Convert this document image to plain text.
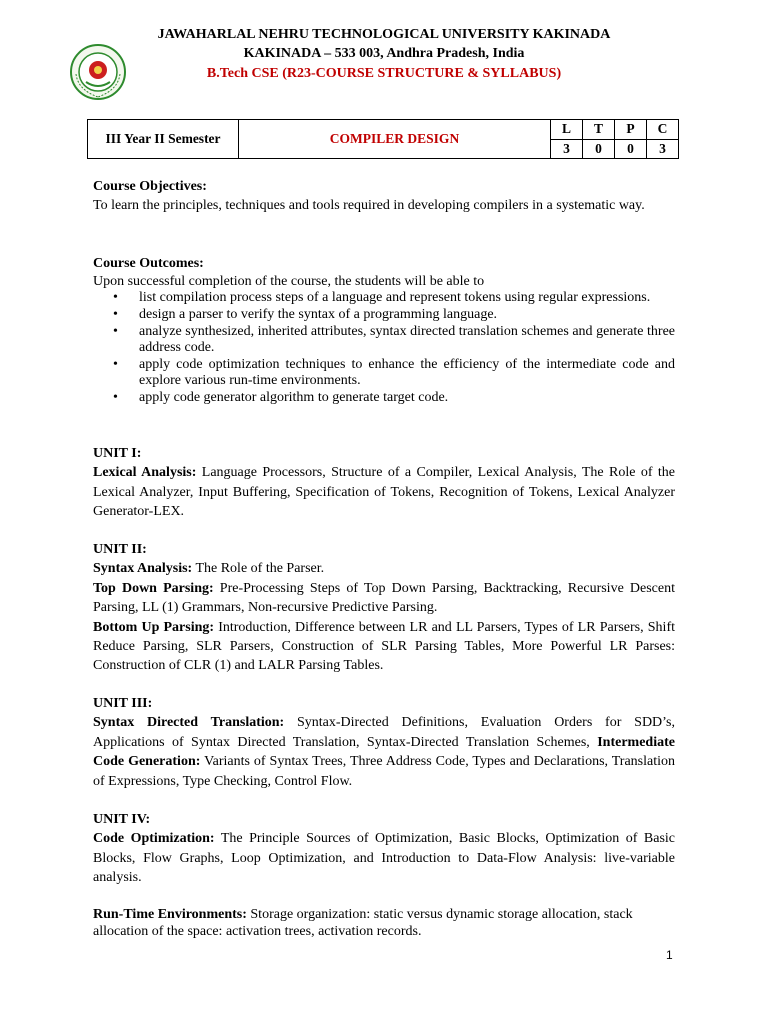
JAWAHARLAL NEHRU TECHNOLOGICAL UNIVERSITY KAKINADA
KAKINADA – 533 003, Andhra Pradesh, India
B.Tech CSE (R23-COURSE STRUCTURE & SYLLABUS)
III Year II Semester	COMPILER DESIGN	L	T	P	C
		3	0	0	3

Course Objectives:

To learn the principles, techniques and tools required in developing compilers in a systematic way.

Course Outcomes:

Upon successful completion of the course, the students will be able to

• list compilation process steps of a language and represent tokens using regular expressions.
• design a parser to verify the syntax of a programming language.
• analyze synthesized, inherited attributes, syntax directed translation schemes and generate three address code.
• apply code optimization techniques to enhance the efficiency of the intermediate code and explore various run-time environments.
• apply code generator algorithm to generate target code.

UNIT I:

Lexical Analysis: Language Processors, Structure of a Compiler, Lexical Analysis, The Role of the Lexical Analyzer, Input Buffering, Specification of Tokens, Recognition of Tokens, Lexical Analyzer Generator-LEX.

UNIT II:

Syntax Analysis: The Role of the Parser.

Top Down Parsing: Pre-Processing Steps of Top Down Parsing, Backtracking, Recursive Descent Parsing, LL (1) Grammars, Non-recursive Predictive Parsing.

Bottom Up Parsing: Introduction, Difference between LR and LL Parsers, Types of LR Parsers, Shift Reduce Parsing, SLR Parsers, Construction of SLR Parsing Tables, More Powerful LR Parses: Construction of CLR (1) and LALR Parsing Tables.

UNIT III:

Syntax Directed Translation: Syntax-Directed Definitions, Evaluation Orders for SDD’s, Applications of Syntax Directed Translation, Syntax-Directed Translation Schemes, Intermediate Code Generation: Variants of Syntax Trees, Three Address Code, Types and Declarations, Translation of Expressions, Type Checking, Control Flow.

UNIT IV:

Code Optimization: The Principle Sources of Optimization, Basic Blocks, Optimization of Basic Blocks, Flow Graphs, Loop Optimization, and Introduction to Data-Flow Analysis: live-variable analysis.

Run-Time Environments: Storage organization: static versus dynamic storage allocation, stack allocation of the space: activation trees, activation records.

1
